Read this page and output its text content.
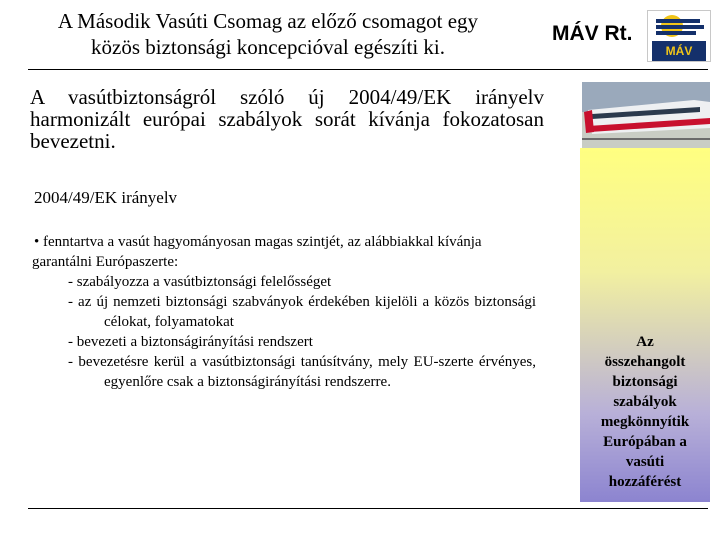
A Második Vasúti Csomag az előző csomagot egy
közös biztonsági koncepcióval egészíti ki.
MÁV Rt.
MÁV
A vasútbiztonságról szóló új 2004/49/EK irányelv harmonizált európai szabályok sorát kívánja fokozatosan bevezetni.
Az
összehangolt
biztonsági
szabályok
megkönnyítik
Európában a
vasúti
hozzáférést
2004/49/EK irányelv

• fenntartva a vasút hagyományosan magas szintjét, az alábbiakkal kívánja garantálni Európaszerte:

- szabályozza a vasútbiztonsági felelősséget

- az új nemzeti biztonsági szabványok érdekében kijelöli a közös biztonsági célokat, folyamatokat

- bevezeti a biztonságirányítási rendszert

- bevezetésre kerül a vasútbiztonsági tanúsítvány, mely EU-szerte érvényes, egyenlőre csak a biztonságirányítási rendszerre.
